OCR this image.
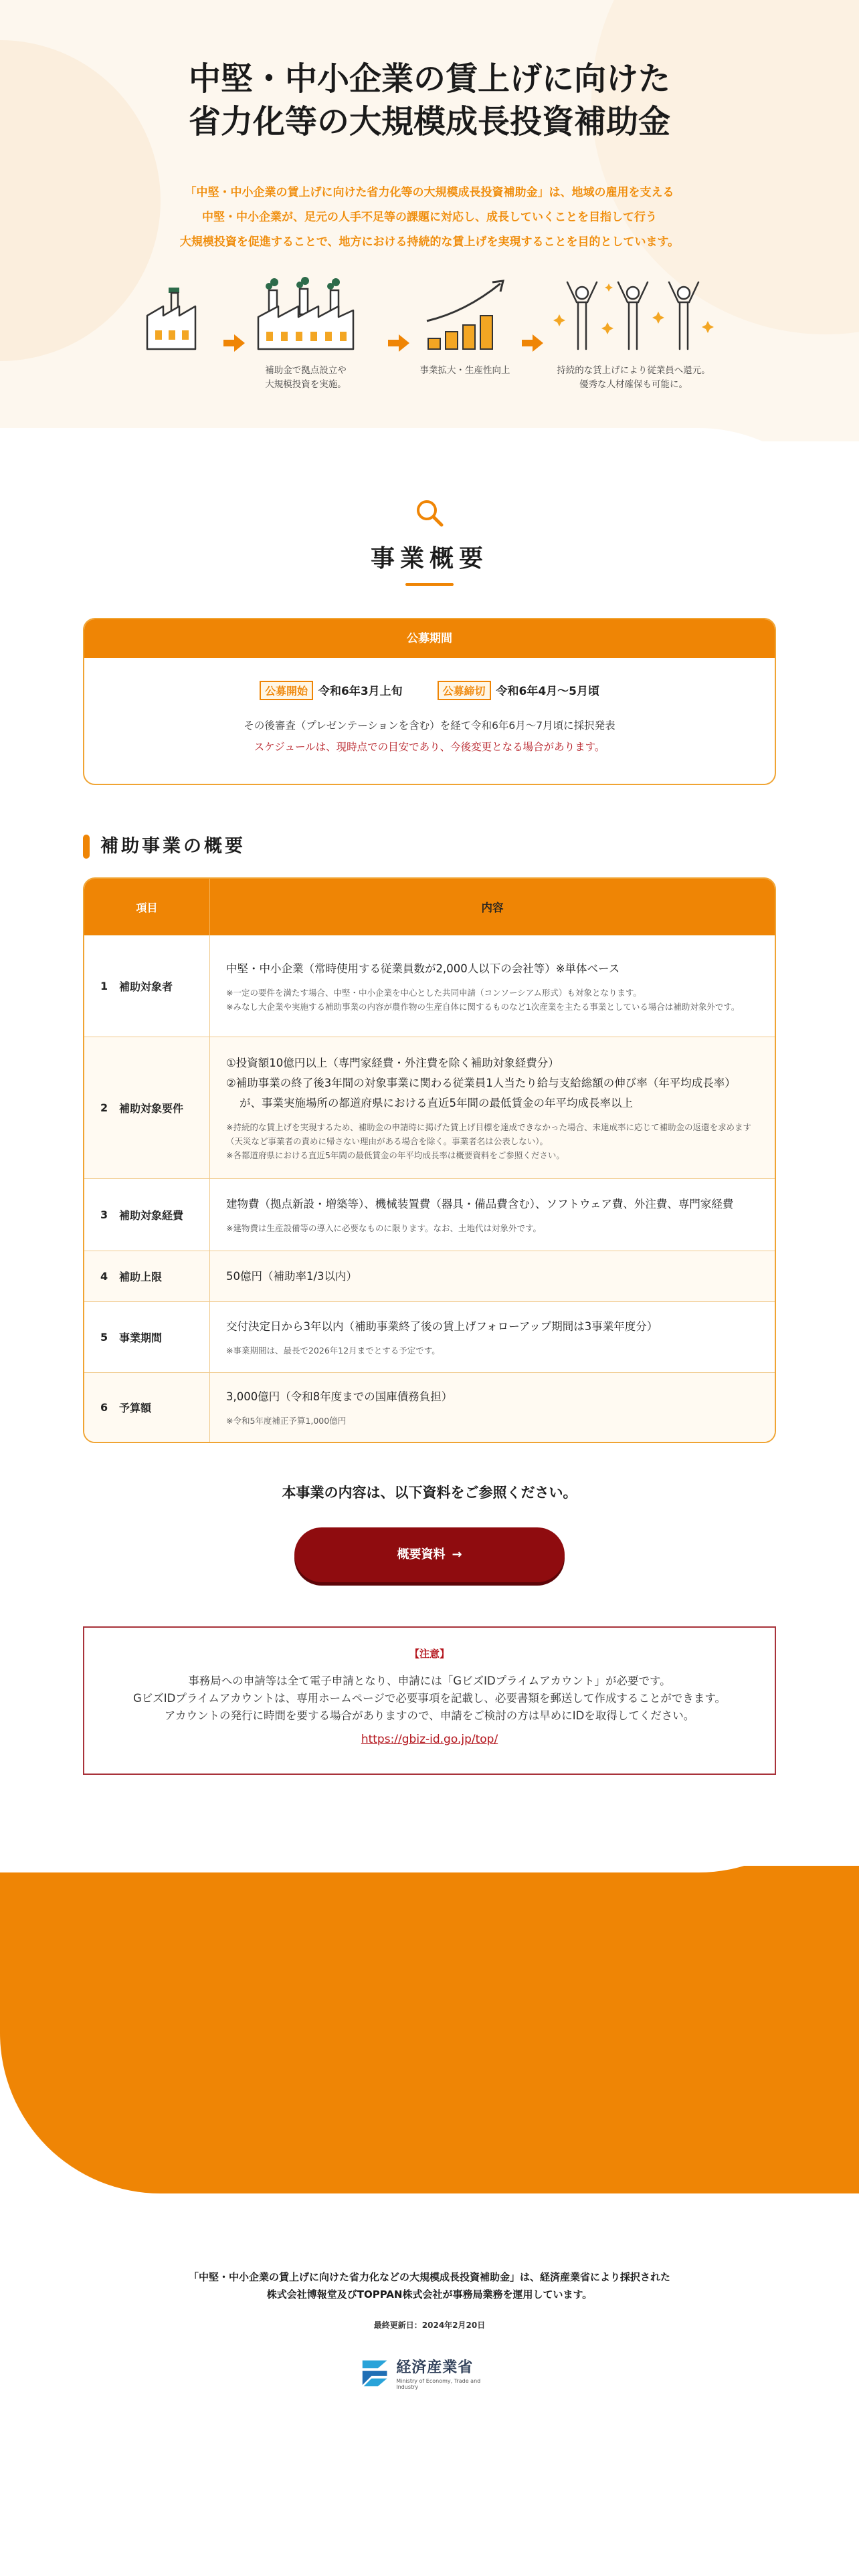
中堅・中小企業の賃上げに向けた
省力化等の大規模成長投資補助金
「中堅・中小企業の賃上げに向けた省力化等の大規模成長投資補助金」は、地域の雇用を支える
中堅・中小企業が、足元の人手不足等の課題に対応し、成長していくことを目指して行う
大規模投資を促進することで、地方における持続的な賃上げを実現することを目的としています。
補助金で拠点設立や
大規模投資を実施。
事業拡大・生産性向上	持続的な賃上げにより従業員へ還元。
優秀な人材確保も可能に。
事業概要
公募期間
公募開始 令和6年3月上旬	公募締切 令和6年4月～5月頃
その後審査（プレゼンテーションを含む）を経て令和6年6月～7月頃に採択発表
スケジュールは、現時点での目安であり、今後変更となる場合があります。
補助事業の概要
項目	内容
1	補助対象者
中堅・中小企業（常時使用する従業員数が2,000人以下の会社等）※単体ベース
※一定の要件を満たす場合、中堅・中小企業を中心とした共同申請（コンソーシアム形式）も対象となります。
※みなし大企業や実施する補助事業の内容が農作物の生産自体に関するものなど1次産業を主たる事業としている場合は補助対象外です。
2	補助対象要件
①投資額10億円以上（専門家経費・外注費を除く補助対象経費分）
②補助事業の終了後3年間の対象事業に関わる従業員1人当たり給与支給総額の伸び率（年平均成長率）
が、事業実施場所の都道府県における直近5年間の最低賃金の年平均成長率以上
※持続的な賃上げを実現するため、補助金の申請時に掲げた賃上げ目標を達成できなかった場合、未達成率に応じて補助金の返還を求めます（天災など事業者の責めに帰さない理由がある場合を除く。事業者名は公表しない）。
※各都道府県における直近5年間の最低賃金の年平均成長率は概要資料をご参照ください。
3	補助対象経費
建物費（拠点新設・増築等）、機械装置費（器具・備品費含む）、ソフトウェア費、外注費、専門家経費
※建物費は生産設備等の導入に必要なものに限ります。なお、土地代は対象外です。
4	補助上限	50億円（補助率1/3以内）
5	事業期間
交付決定日から3年以内（補助事業終了後の賃上げフォローアップ期間は3事業年度分）
※事業期間は、最長で2026年12月までとする予定です。
6	予算額
3,000億円（令和8年度までの国庫債務負担）
※令和5年度補正予算1,000億円
本事業の内容は、以下資料をご参照ください。
概要資料 →
【注意】
事務局への申請等は全て電子申請となり、申請には「GビズIDプライムアカウント」が必要です。
GビズIDプライムアカウントは、専用ホームページで必要事項を記載し、必要書類を郵送して作成することができます。
アカウントの発行に時間を要する場合がありますので、申請をご検討の方は早めにIDを取得してください。
https://gbiz-id.go.jp/top/
「中堅・中小企業の賃上げに向けた省力化などの大規模成長投資補助金」は、経済産業省により採択された
株式会社博報堂及びTOPPAN株式会社が事務局業務を運用しています。
最終更新日：2024年2月20日
経済産業省
Ministry of Economy, Trade and Industry
